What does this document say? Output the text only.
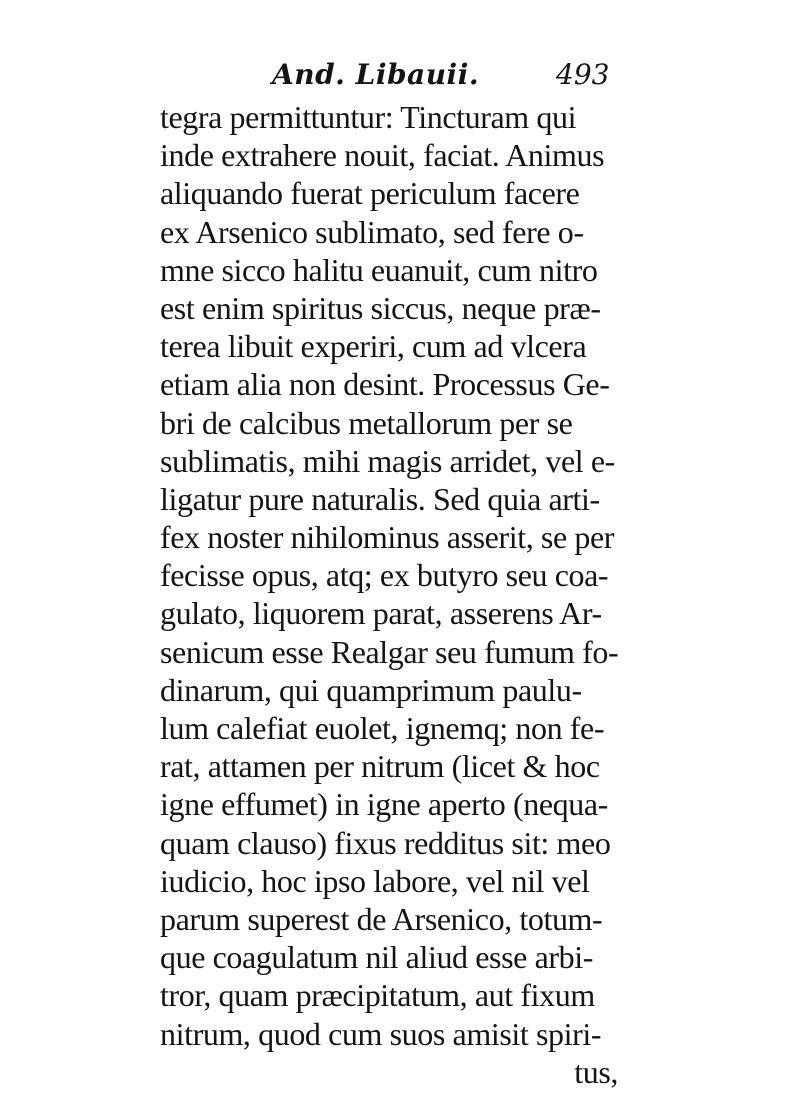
And. Libauii.	493
tegra permittuntur: Tincturam qui
inde extrahere nouit, faciat. Animus
aliquando fuerat periculum facere
ex Arsenico sublimato, sed fere o-
mne sicco halitu euanuit, cum nitro
est enim spiritus siccus, neque præ-
terea libuit experiri, cum ad vlcera
etiam alia non desint. Processus Ge-
bri de calcibus metallorum per se
sublimatis, mihi magis arridet, vel e-
ligatur pure naturalis. Sed quia arti-
fex noster nihilominus asserit, se per
fecisse opus, atq; ex butyro seu coa-
gulato, liquorem parat, asserens Ar-
senicum esse Realgar seu fumum fo-
dinarum, qui quamprimum paulu-
lum calefiat euolet, ignemq; non fe-
rat, attamen per nitrum (licet & hoc
igne effumet) in igne aperto (nequa-
quam clauso) fixus redditus sit: meo
iudicio, hoc ipso labore, vel nil vel
parum superest de Arsenico, totum-
que coagulatum nil aliud esse arbi-
tror, quam præcipitatum, aut fixum
nitrum, quod cum suos amisit spiri-
tus,
